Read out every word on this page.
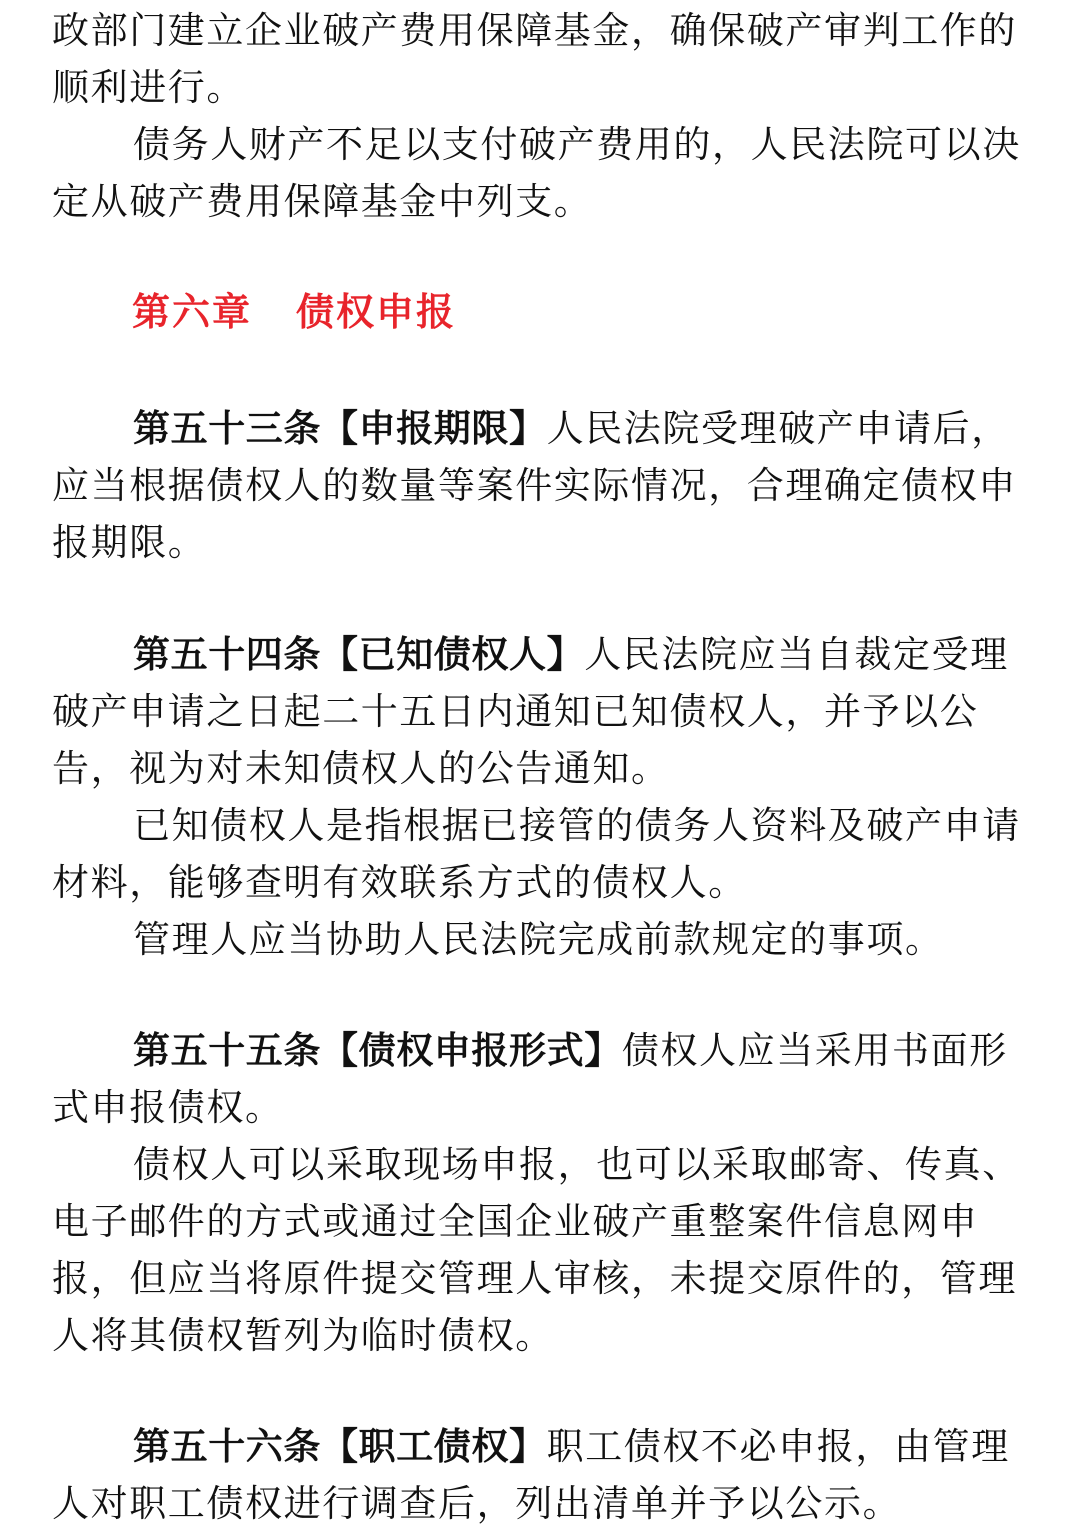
政部门建立企业破产费用保障基金，确保破产审判工作的顺利进行。

债务人财产不足以支付破产费用的，人民法院可以决定从破产费用保障基金中列支。

第六章 债权申报

第五十三条【申报期限】人民法院受理破产申请后，应当根据债权人的数量等案件实际情况，合理确定债权申报期限。

第五十四条【已知债权人】人民法院应当自裁定受理破产申请之日起二十五日内通知已知债权人，并予以公告，视为对未知债权人的公告通知。

已知债权人是指根据已接管的债务人资料及破产申请材料，能够查明有效联系方式的债权人。

管理人应当协助人民法院完成前款规定的事项。

第五十五条【债权申报形式】债权人应当采用书面形式申报债权。

债权人可以采取现场申报，也可以采取邮寄、传真、电子邮件的方式或通过全国企业破产重整案件信息网申报，但应当将原件提交管理人审核，未提交原件的，管理人将其债权暂列为临时债权。

第五十六条【职工债权】职工债权不必申报，由管理人对职工债权进行调查后，列出清单并予以公示。
